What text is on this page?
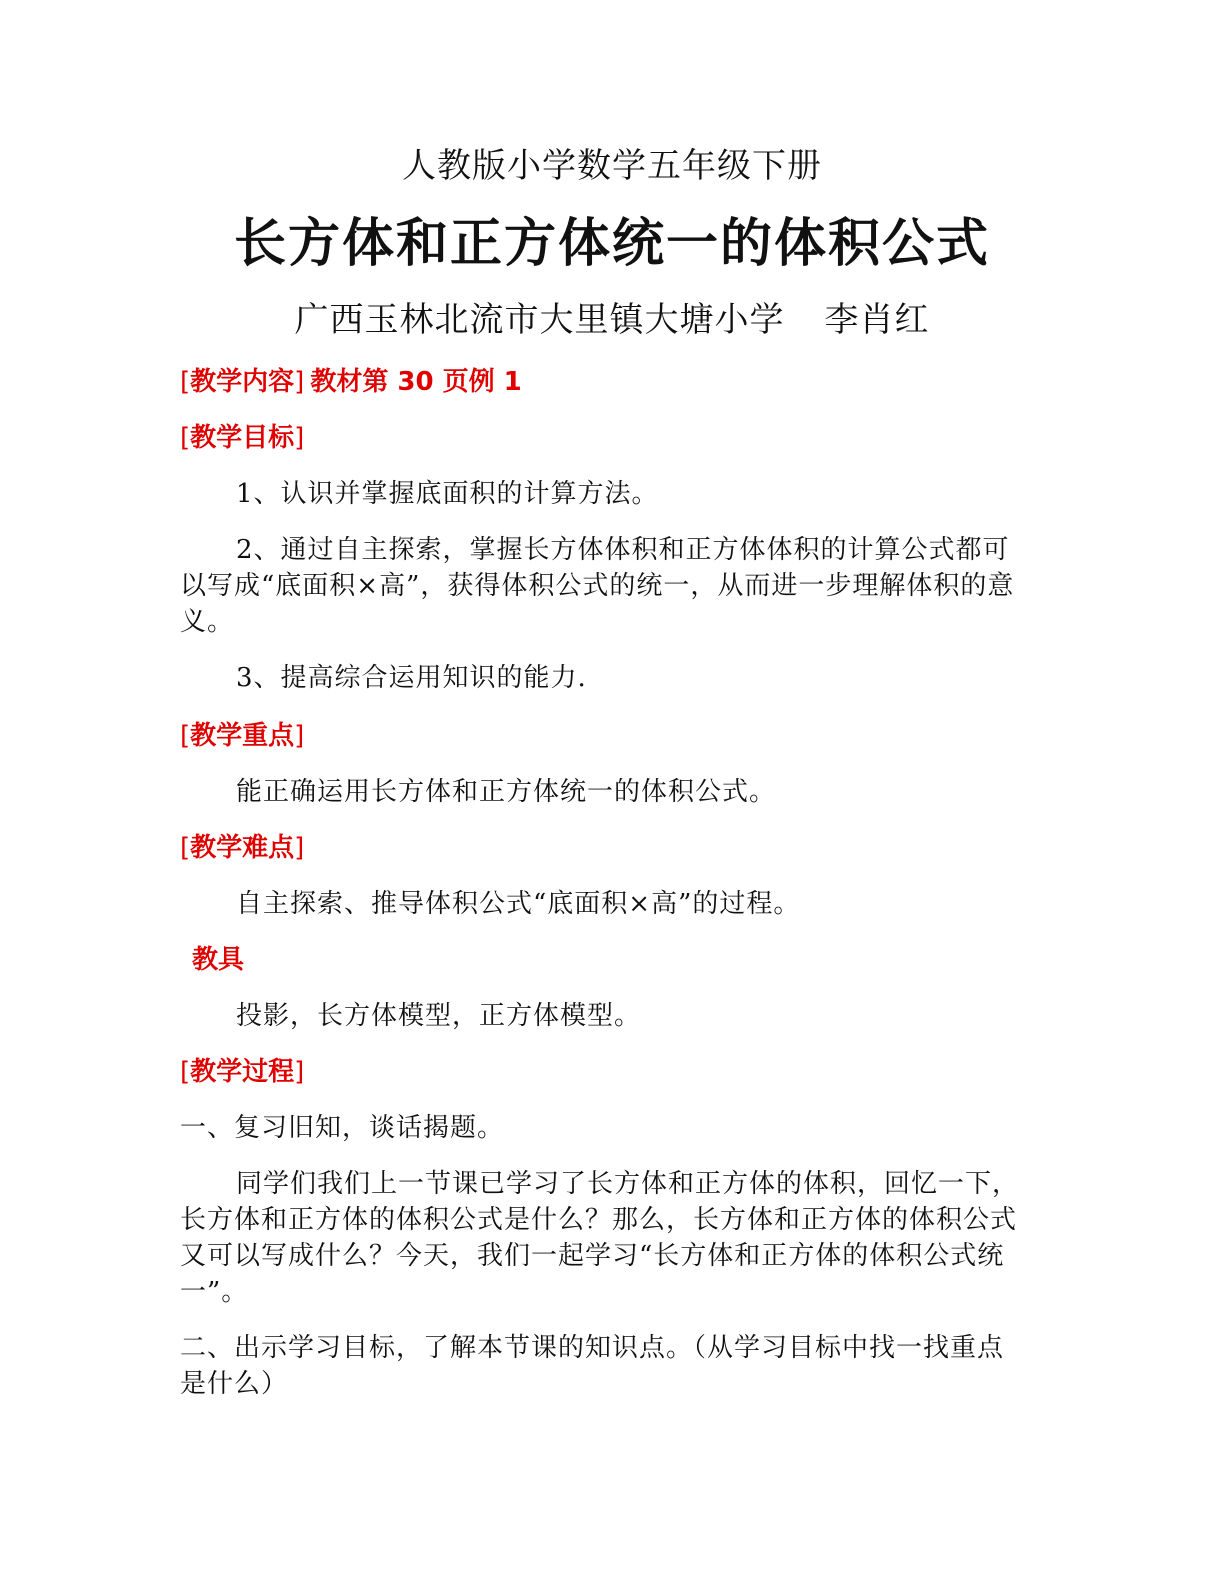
人教版小学数学五年级下册
长方体和正方体统一的体积公式
广西玉林北流市大里镇大塘小学 李肖红
[教学内容] 教材第 30 页例 1
[教学目标]
1、认识并掌握底面积的计算方法。
2、通过自主探索，掌握长方体体积和正方体体积的计算公式都可以写成“底面积×高”，获得体积公式的统一，从而进一步理解体积的意义。
3、提高综合运用知识的能力.
[教学重点]
能正确运用长方体和正方体统一的体积公式。
[教学难点]
自主探索、推导体积公式“底面积×高”的过程。
教具
投影，长方体模型，正方体模型。
[教学过程]
一、复习旧知，谈话揭题。
同学们我们上一节课已学习了长方体和正方体的体积，回忆一下，长方体和正方体的体积公式是什么？那么，长方体和正方体的体积公式又可以写成什么？今天，我们一起学习“长方体和正方体的体积公式统一”。
二、出示学习目标，了解本节课的知识点。（从学习目标中找一找重点是什么）
